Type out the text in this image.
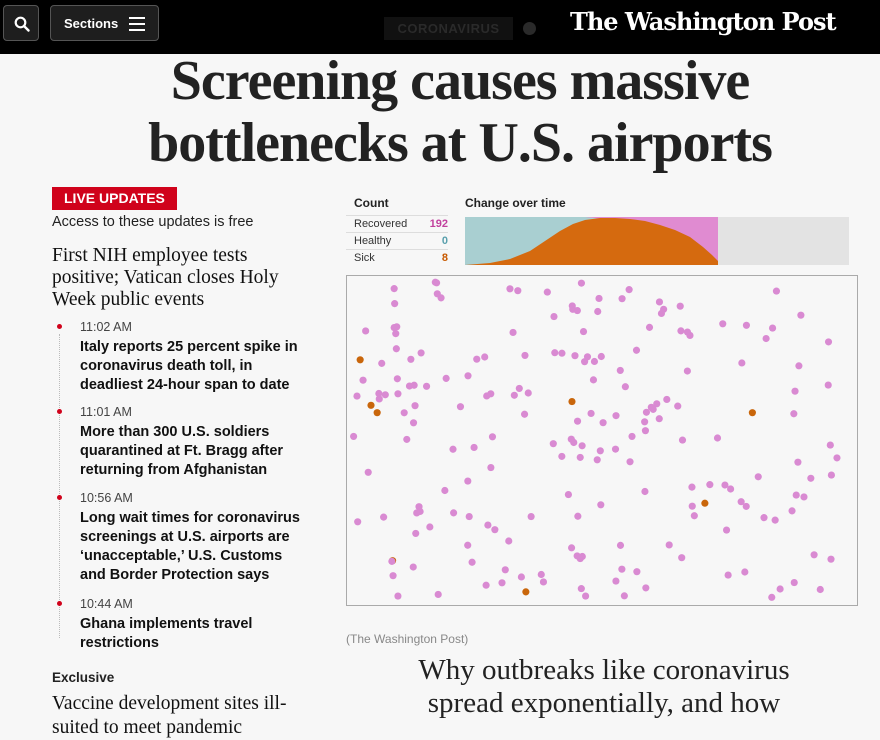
Sections	CORONAVIRUS	The Washington Post
Screening causes massive bottlenecks at U.S. airports
LIVE UPDATES
Access to these updates is free
First NIH employee tests positive; Vatican closes Holy Week public events
11:02 AM
Italy reports 25 percent spike in coronavirus death toll, in deadliest 24-hour span to date
11:01 AM
More than 300 U.S. soldiers quarantined at Ft. Bragg after returning from Afghanistan
10:56 AM
Long wait times for coronavirus screenings at U.S. airports are ‘unacceptable,’ U.S. Customs and Border Protection says
10:44 AM
Ghana implements travel restrictions
Exclusive
Vaccine development sites ill-suited to meet pandemic
Count	Change over time
Recovered 192
Healthy	0
Sick	8
(The Washington Post)
Why outbreaks like coronavirus spread exponentially, and how
